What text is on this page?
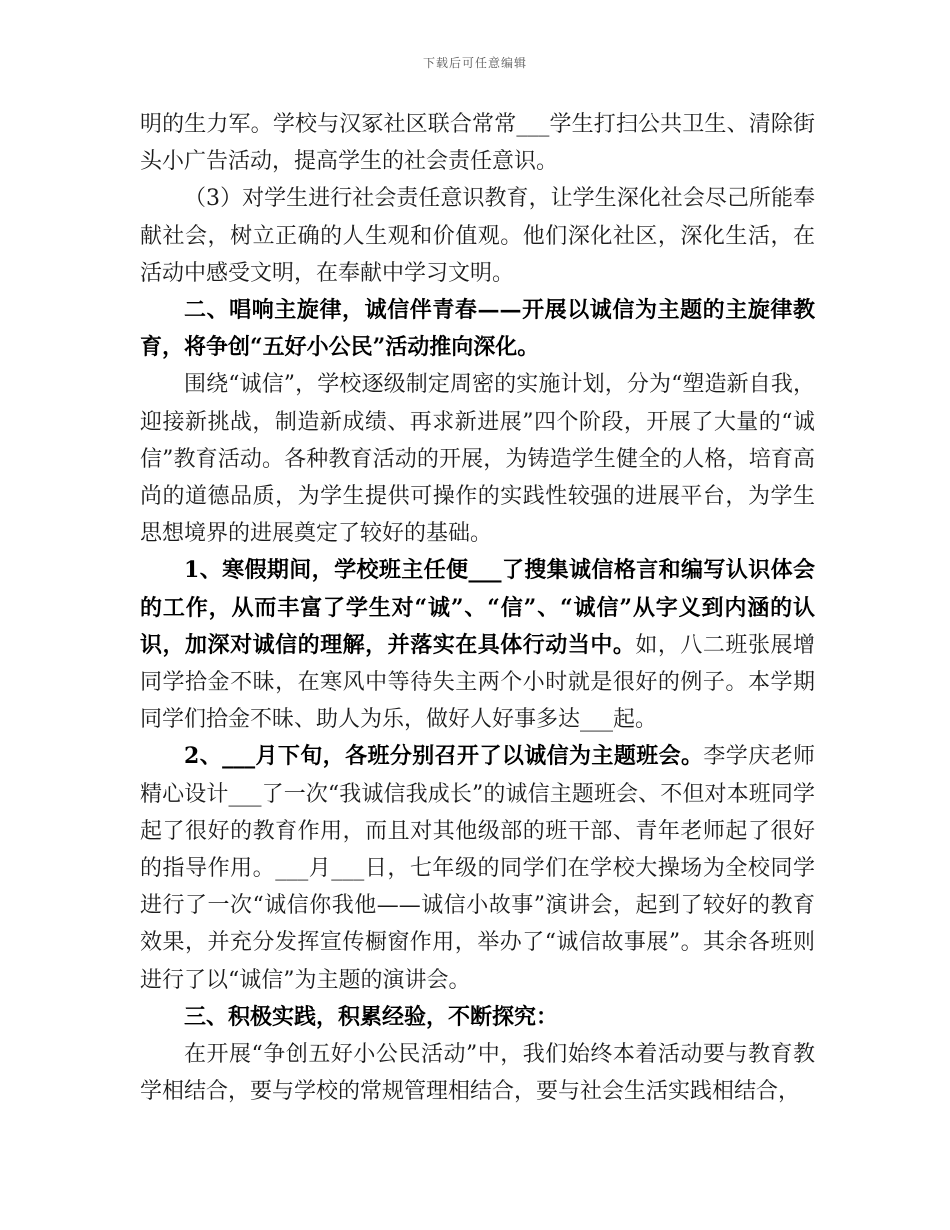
下载后可任意编辑

明的生力军。学校与汉冢社区联合常常___学生打扫公共卫生、清除街头小广告活动，提高学生的社会责任意识。

（3）对学生进行社会责任意识教育，让学生深化社会尽己所能奉献社会，树立正确的人生观和价值观。他们深化社区，深化生活，在活动中感受文明，在奉献中学习文明。

二、唱响主旋律，诚信伴青春——开展以诚信为主题的主旋律教育，将争创“五好小公民”活动推向深化。

围绕“诚信”，学校逐级制定周密的实施计划，分为“塑造新自我，迎接新挑战，制造新成绩、再求新进展”四个阶段，开展了大量的“诚信”教育活动。各种教育活动的开展，为铸造学生健全的人格，培育高尚的道德品质，为学生提供可操作的实践性较强的进展平台，为学生思想境界的进展奠定了较好的基础。

1、寒假期间，学校班主任便___了搜集诚信格言和编写认识体会的工作，从而丰富了学生对“诚”、“信”、“诚信”从字义到内涵的认识，加深对诚信的理解，并落实在具体行动当中。如，八二班张展增同学拾金不昧，在寒风中等待失主两个小时就是很好的例子。本学期同学们拾金不昧、助人为乐，做好人好事多达___起。

2、___月下旬，各班分别召开了以诚信为主题班会。李学庆老师精心设计___了一次“我诚信我成长”的诚信主题班会、不但对本班同学起了很好的教育作用，而且对其他级部的班干部、青年老师起了很好的指导作用。___月___日，七年级的同学们在学校大操场为全校同学进行了一次“诚信你我他——诚信小故事”演讲会，起到了较好的教育效果，并充分发挥宣传橱窗作用，举办了“诚信故事展”。其余各班则进行了以“诚信”为主题的演讲会。

三、积极实践，积累经验，不断探究：

在开展“争创五好小公民活动”中，我们始终本着活动要与教育教学相结合，要与学校的常规管理相结合，要与社会生活实践相结合，
